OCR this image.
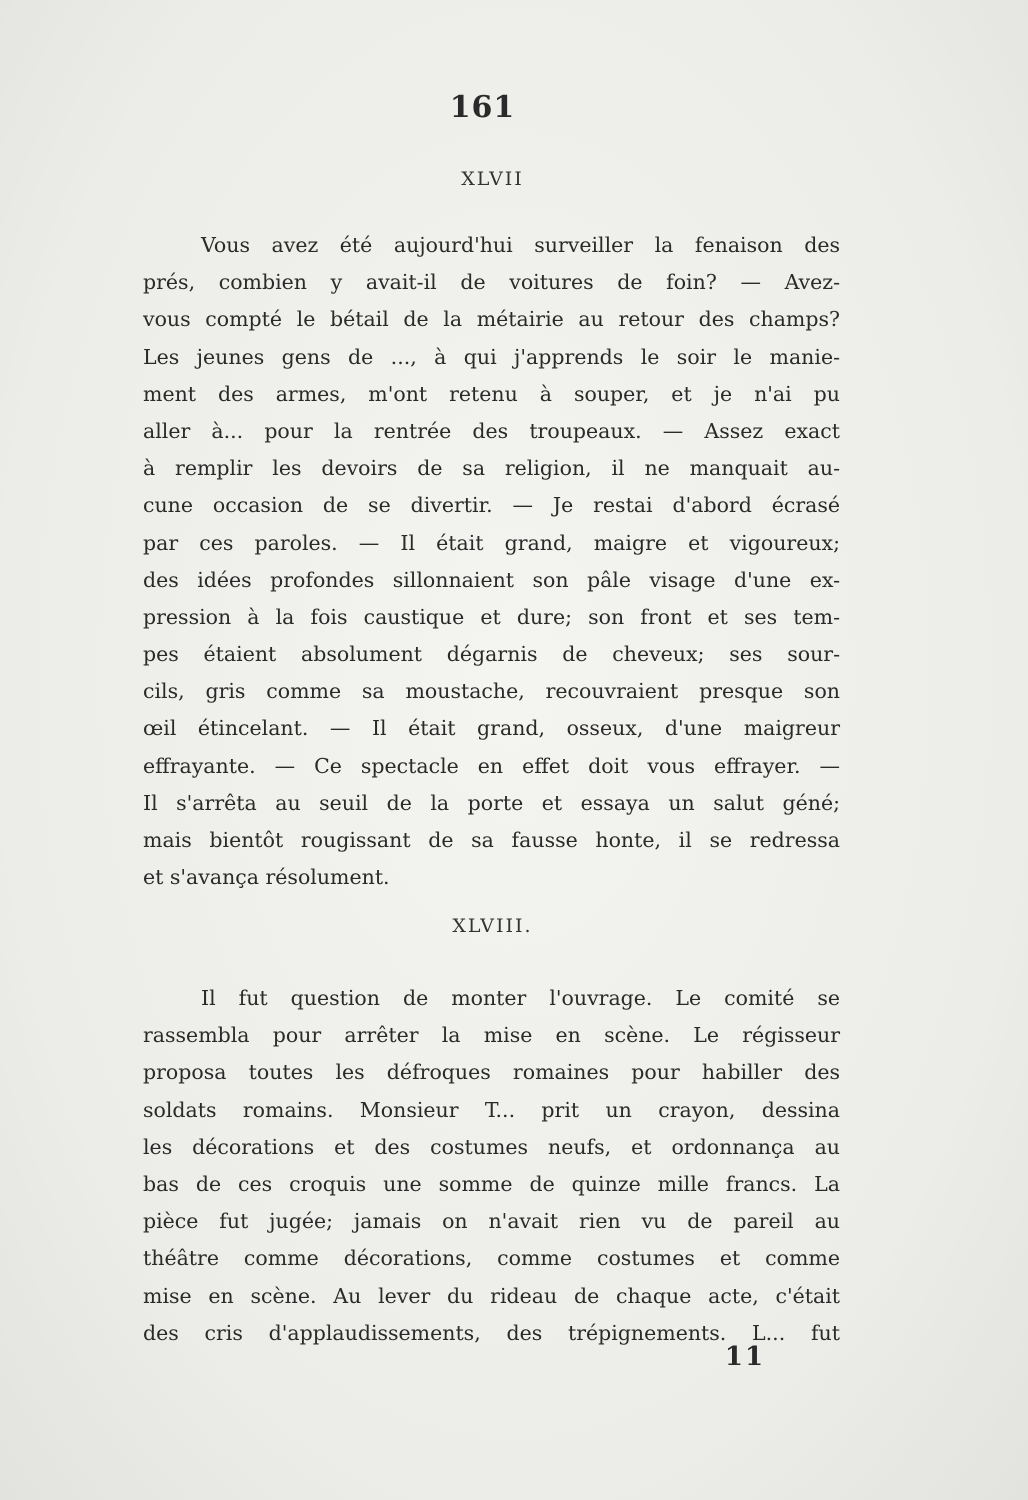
161
XLVII
Vous avez été aujourd'hui surveiller la fenaison des
prés, combien y avait-il de voitures de foin? — Avez-
vous compté le bétail de la métairie au retour des champs?
Les jeunes gens de ..., à qui j'apprends le soir le manie-
ment des armes, m'ont retenu à souper, et je n'ai pu
aller à... pour la rentrée des troupeaux. — Assez exact
à remplir les devoirs de sa religion, il ne manquait au-
cune occasion de se divertir. — Je restai d'abord écrasé
par ces paroles. — Il était grand, maigre et vigoureux;
des idées profondes sillonnaient son pâle visage d'une ex-
pression à la fois caustique et dure; son front et ses tem-
pes étaient absolument dégarnis de cheveux; ses sour-
cils, gris comme sa moustache, recouvraient presque son
œil étincelant. — Il était grand, osseux, d'une maigreur
effrayante. — Ce spectacle en effet doit vous effrayer. —
Il s'arrêta au seuil de la porte et essaya un salut géné;
mais bientôt rougissant de sa fausse honte, il se redressa
et s'avança résolument.
XLVIII.
Il fut question de monter l'ouvrage. Le comité se
rassembla pour arrêter la mise en scène. Le régisseur
proposa toutes les défroques romaines pour habiller des
soldats romains. Monsieur T... prit un crayon, dessina
les décorations et des costumes neufs, et ordonnança au
bas de ces croquis une somme de quinze mille francs. La
pièce fut jugée; jamais on n'avait rien vu de pareil au
théâtre comme décorations, comme costumes et comme
mise en scène. Au lever du rideau de chaque acte, c'était
des cris d'applaudissements, des trépignements. L... fut
11
